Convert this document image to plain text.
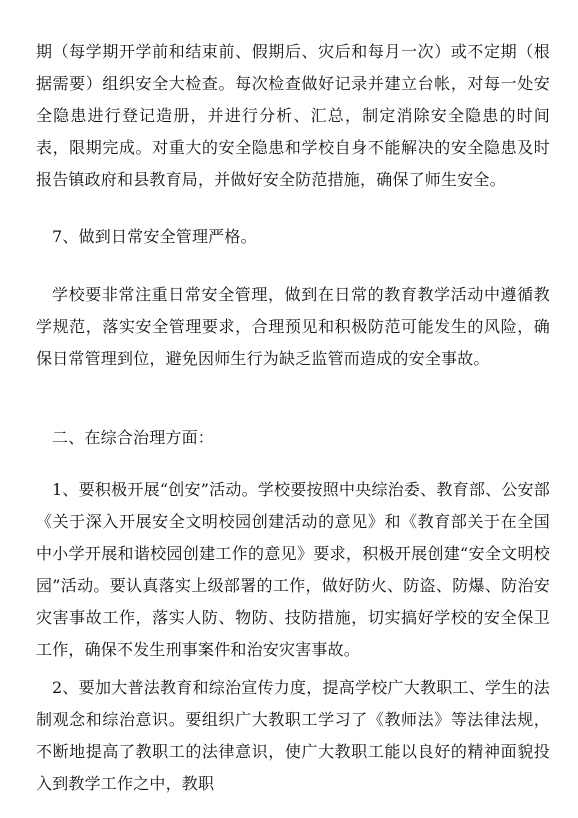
期（每学期开学前和结束前、假期后、灾后和每月一次）或不定期（根据需要）组织安全大检查。每次检查做好记录并建立台帐，对每一处安全隐患进行登记造册，并进行分析、汇总，制定消除安全隐患的时间表，限期完成。对重大的安全隐患和学校自身不能解决的安全隐患及时报告镇政府和县教育局，并做好安全防范措施，确保了师生安全。

7、做到日常安全管理严格。

学校要非常注重日常安全管理，做到在日常的教育教学活动中遵循教学规范，落实安全管理要求，合理预见和积极防范可能发生的风险，确保日常管理到位，避免因师生行为缺乏监管而造成的安全事故。

二、在综合治理方面：

1、要积极开展“创安”活动。学校要按照中央综治委、教育部、公安部《关于深入开展安全文明校园创建活动的意见》和《教育部关于在全国中小学开展和谐校园创建工作的意见》要求，积极开展创建“安全文明校园”活动。要认真落实上级部署的工作，做好防火、防盗、防爆、防治安灾害事故工作，落实人防、物防、技防措施，切实搞好学校的安全保卫工作，确保不发生刑事案件和治安灾害事故。

2、要加大普法教育和综治宣传力度，提高学校广大教职工、学生的法制观念和综治意识。要组织广大教职工学习了《教师法》等法律法规，不断地提高了教职工的法律意识，使广大教职工能以良好的精神面貌投入到教学工作之中，教职
